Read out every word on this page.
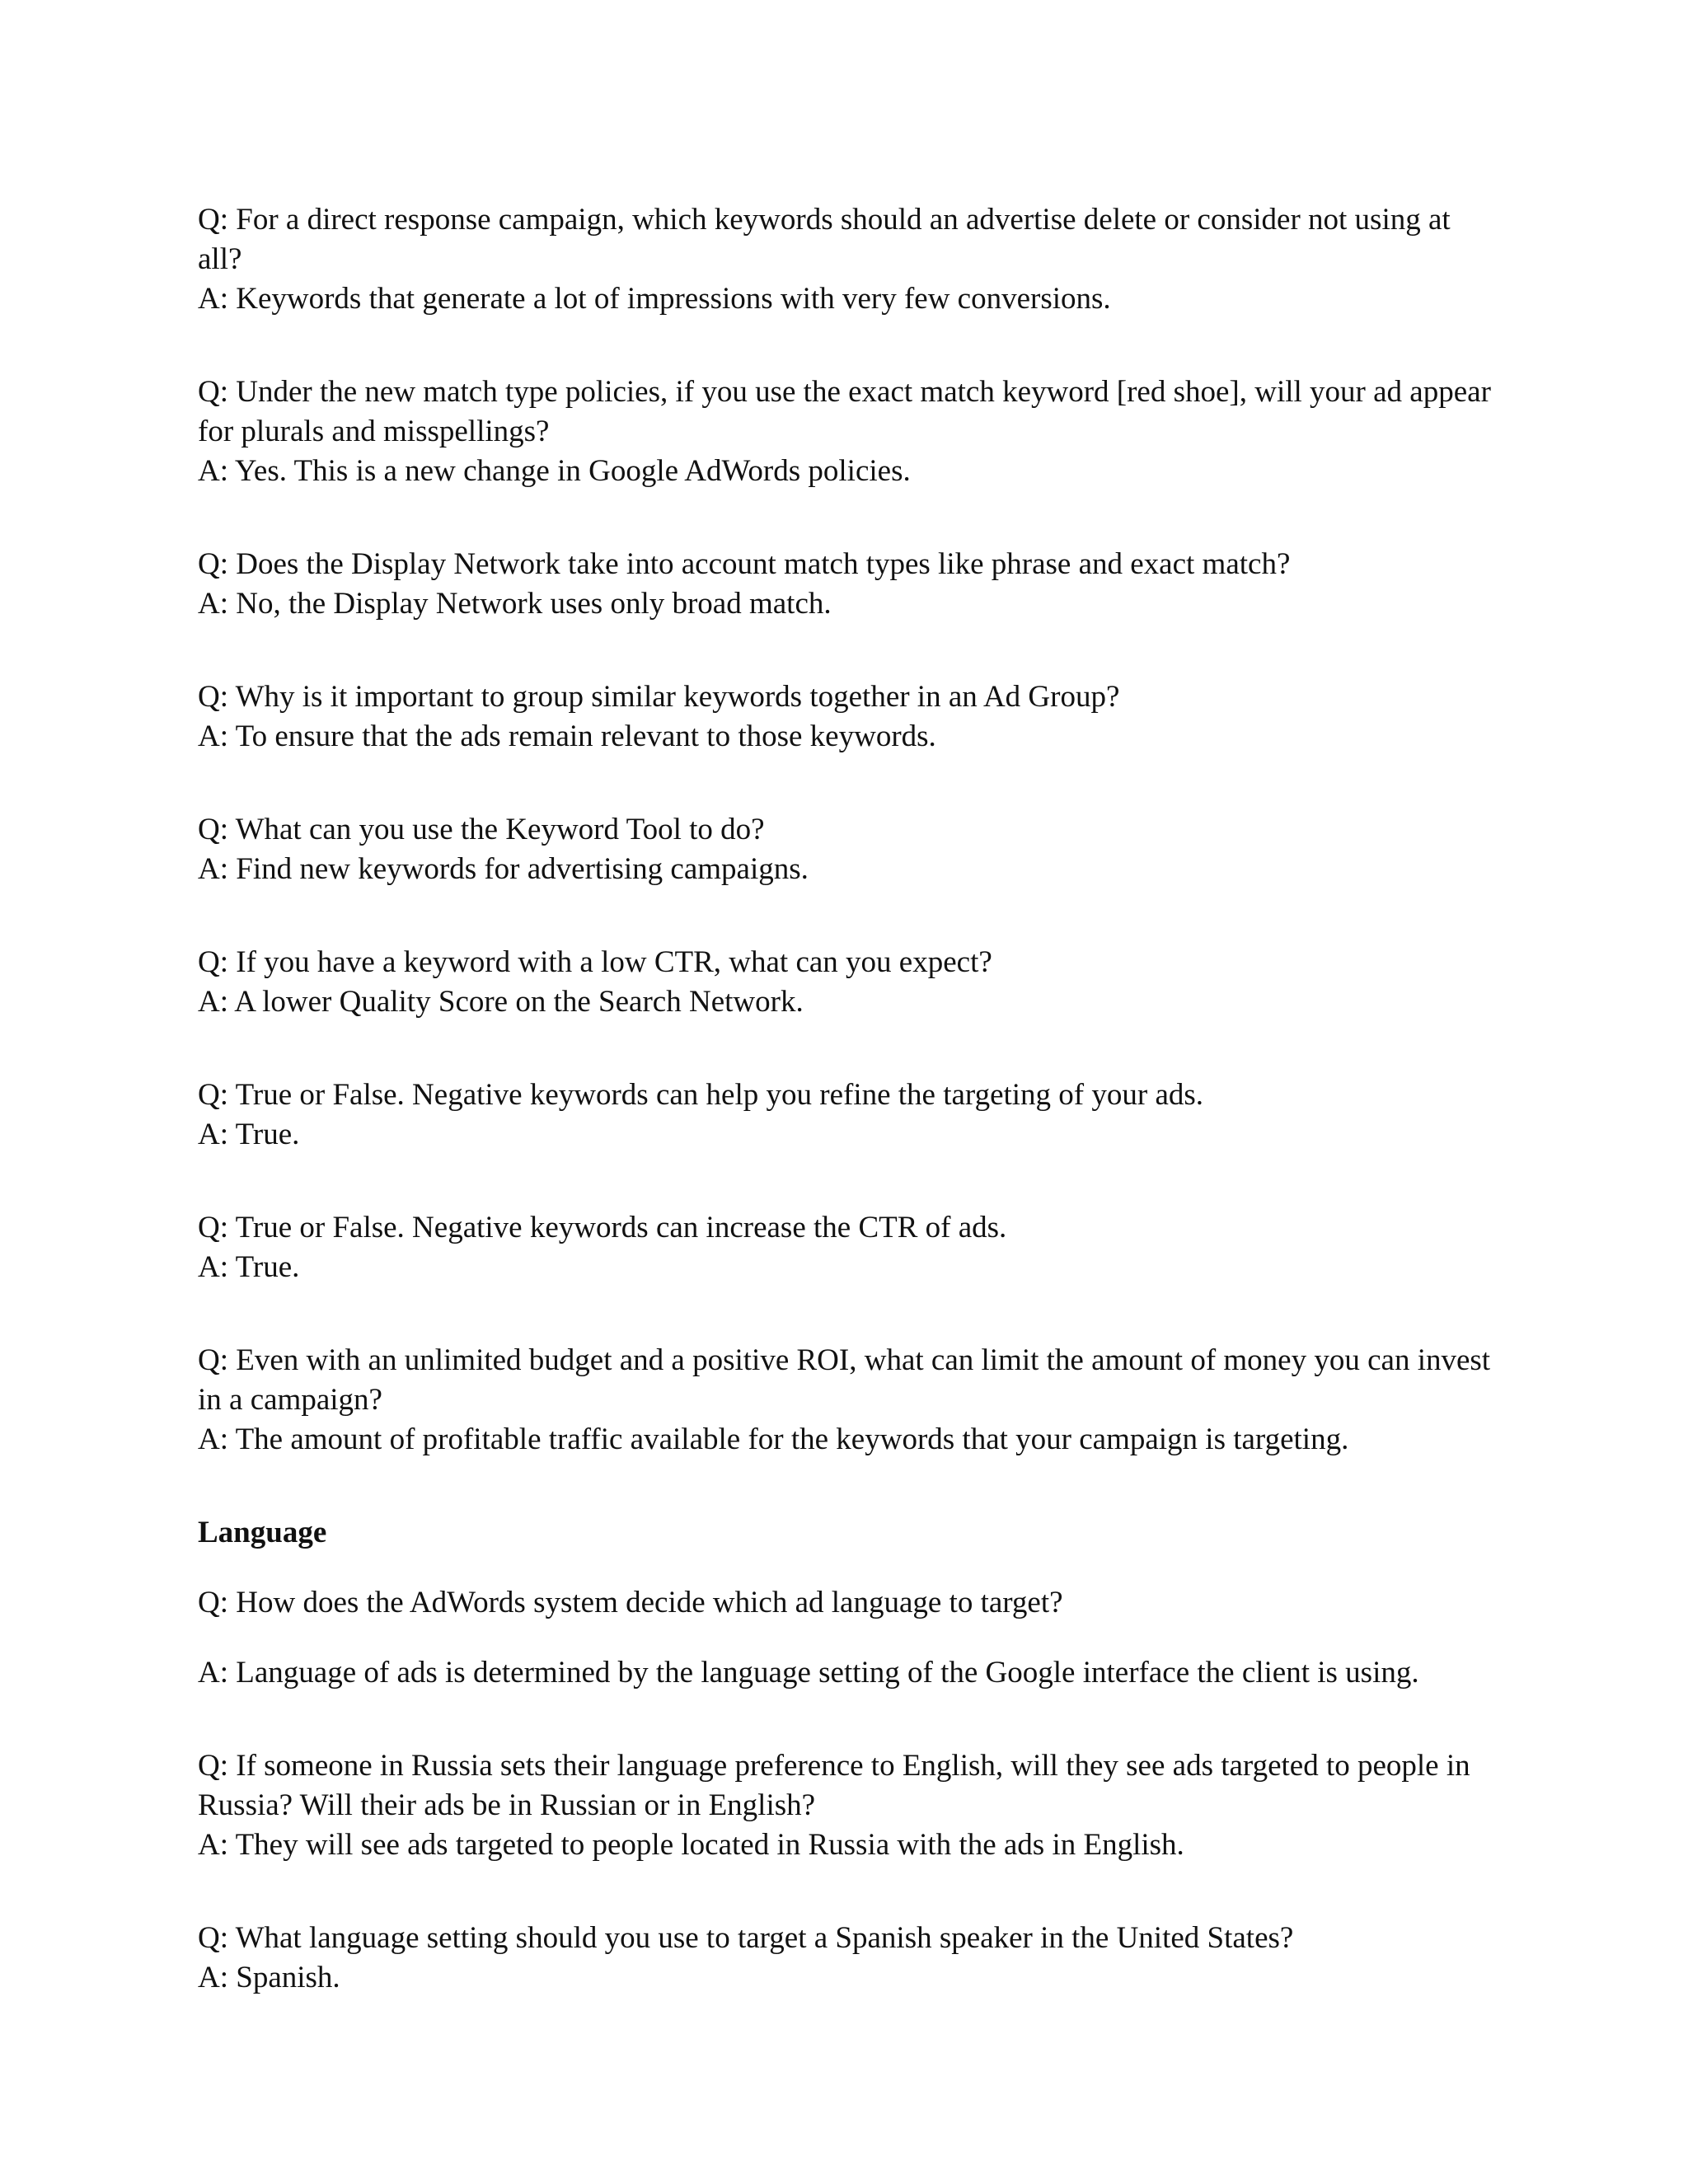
Q: For a direct response campaign, which keywords should an advertise delete or consider not using at all?

A: Keywords that generate a lot of impressions with very few conversions.

Q: Under the new match type policies, if you use the exact match keyword [red shoe], will your ad appear for plurals and misspellings?

A: Yes. This is a new change in Google AdWords policies.

Q: Does the Display Network take into account match types like phrase and exact match?

A: No, the Display Network uses only broad match.

Q: Why is it important to group similar keywords together in an Ad Group?

A: To ensure that the ads remain relevant to those keywords.

Q: What can you use the Keyword Tool to do?

A: Find new keywords for advertising campaigns.

Q: If you have a keyword with a low CTR, what can you expect?

A: A lower Quality Score on the Search Network.

Q: True or False. Negative keywords can help you refine the targeting of your ads.

A: True.

Q: True or False. Negative keywords can increase the CTR of ads.

A: True.

Q: Even with an unlimited budget and a positive ROI, what can limit the amount of money you can invest in a campaign?

A: The amount of profitable traffic available for the keywords that your campaign is targeting.

Language

Q: How does the AdWords system decide which ad language to target?

A: Language of ads is determined by the language setting of the Google interface the client is using.

Q: If someone in Russia sets their language preference to English, will they see ads targeted to people in Russia? Will their ads be in Russian or in English?

A: They will see ads targeted to people located in Russia with the ads in English.

Q: What language setting should you use to target a Spanish speaker in the United States?

A: Spanish.
